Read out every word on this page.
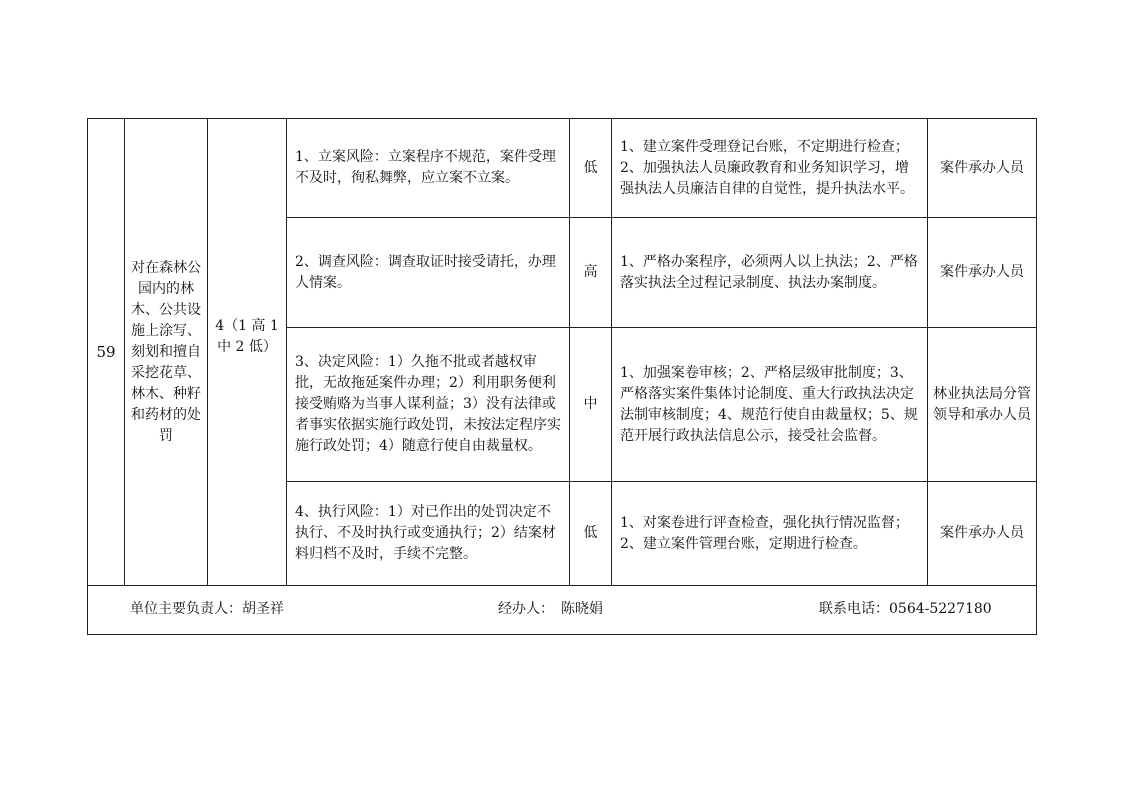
59	对在森林公园内的林木、公共设施上涂写、刻划和擅自采挖花草、林木、种籽和药材的处罚	4（1 高 1 中 2 低）	1、立案风险：立案程序不规范，案件受理不及时，徇私舞弊，应立案不立案。	低	1、建立案件受理登记台账，不定期进行检查；2、加强执法人员廉政教育和业务知识学习，增强执法人员廉洁自律的自觉性，提升执法水平。	案件承办人员
			2、调查风险：调查取证时接受请托，办理人情案。	高	1、严格办案程序，必须两人以上执法；2、严格落实执法全过程记录制度、执法办案制度。	案件承办人员
			3、决定风险：1）久拖不批或者越权审批，无故拖延案件办理；2）利用职务便利接受贿赂为当事人谋利益；3）没有法律或者事实依据实施行政处罚，未按法定程序实施行政处罚；4）随意行使自由裁量权。	中	1、加强案卷审核；2、严格层级审批制度；3、严格落实案件集体讨论制度、重大行政执法决定法制审核制度；4、规范行使自由裁量权；5、规范开展行政执法信息公示，接受社会监督。	林业执法局分管领导和承办人员
			4、执行风险：1）对已作出的处罚决定不执行、不及时执行或变通执行；2）结案材料归档不及时，手续不完整。	低	1、对案卷进行评查检查，强化执行情况监督；2、建立案件管理台账，定期进行检查。	案件承办人员

单位主要负责人：胡圣祥 经办人：　陈晓娟 联系电话：0564-5227180						
